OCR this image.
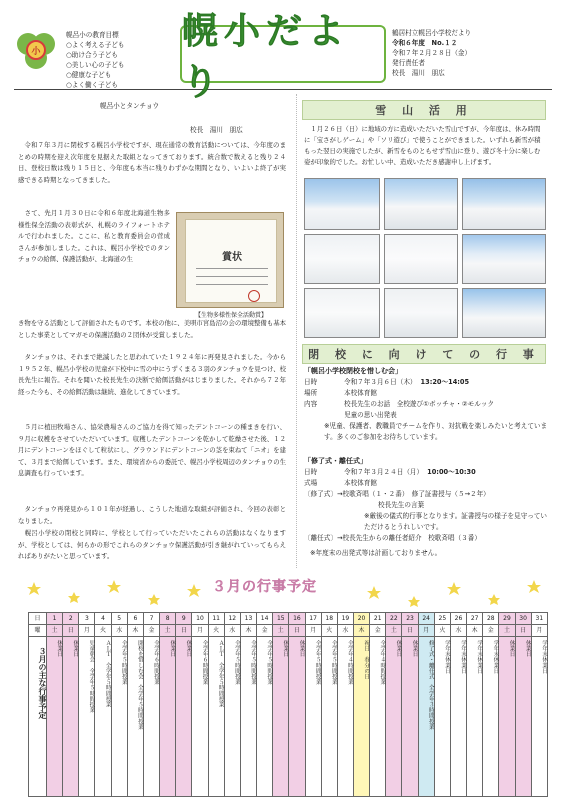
小
幌呂小の教育目標
○よく考える子ども
○助け合う子ども
○美しい心の子ども
○健康な子ども
○よく働く子ども
幌小だより
鶴居村立幌呂小学校だより
令和６年度　No.１２
令和７年２月２８日（金）
発行責任者
校長　湯川　朋広
幌呂小とタンチョウ
校長　湯川　朋広
　令和７年３月に閉校する幌呂小学校ですが、現在通常の教育活動については、今年度のまとめの時期を迎え次年度を見据えた取組となってきております。統合数で数えると残り２４日、登校日数は残り１５日と、今年度も本当に残りわずかな期間となり、いよいよ終了が実感できる時期となってきました。
　さて、先月１月３０日に令和６年度北海道生物多様性保全活動の表彰式が、札幌のライフォートホテルで行われました。ここに、私と教育委員会の菅成さんが参加しました。これは、幌呂小学校でのタンチョウの給餌、保護活動が、北海道の生	賞状
【生物多様性保全活動賞】
き物を守る活動として評価されたものです。本校の他に、美唄市宮島沼の会の環境整備も基本とした事業としてマガモの保護活動の２団体が受賞しました。
　タンチョウは、それまで絶滅したと思われていた１９２４年に再発見されました。今から１９５２年、幌呂小学校の児童が下校中に雪の中にうずくまる３羽のタンチョウを見つけ、校長先生に報告。それを聞いた校長先生の決断で給餌活動がはじまりました。それから７２年経った今も、その給餌活動は継続、進化してきています。
　５月に植田牧場さん、協栄農場さんのご協力を得て知ったデントコーンの種まきを行い、９月に収穫をさせていただいています。収穫したデントコーンを乾かして乾燥させた後、１２月にデントコーンをほぐして粒状にし、グラウンドにデントコーンの茎を束ねて「ニオ」を建て、３月まで給餌しています。また、環境省からの委託で、幌呂小学校周辺のタンチョウの生息調査も行っています。
　タンチョウ再発見から１０１年が経過し、こうした地道な取組が評価され、今回の表彰となりました。
　幌呂小学校の閉校と同時に、学校として行っていただいたこれらの活動はなくなりますが、学校としては、何らかの形でこれらのタンチョウ保護活動が引き継がれていってもらえればありがたいと思っています。
雪 山 活 用
　１月２６日（日）に地域の方に造成いただいた雪山ですが、今年度は、休み時間に「宝さがしゲーム」や「ソリ遊び」で使うことができました。いずれも新雪が積もった翌日の実施でしたが、新雪をものともせず雪山に登り、遊び冬十分に楽しむ姿が印象的でした。お忙しい中、造成いただき感謝申し上げます。
閉 校 に 向 け て の 行 事
「幌呂小学校閉校を惜しむ会」
日時	令和７年３月６日（木） 13:20～14:05
場所	本校体育館
内容	校長先生のお話　全校遊び①ボッチャ・②モルック
児童の思い出発表
※児童、保護者、教職員でチームを作り、対抗戦を楽しみたいと考えています。多くのご参加をお待ちしています。
「修了式・離任式」
日時	令和７年３月２４日（月） 10:00～10:30
式場	本校体育館
〔修了式〕→校歌斉唱（１・２番）　修了証書授与（５→２年）
校長先生の言葉
※厳後の儀式的行事となります。証書授与の様子を見守っていただけるとうれしいです。
〔離任式〕→校長先生からの離任者紹介　校歌斉唱（３番）
※年度末の出発式等は計画しておりません。
３月の行事予定
日	1	2	3	4	5	6	7	8	9	10	11	12	13	14	15	16	17	18	19	20	21	22	23	24	25	26	27	28	29	30	31
曜	土	日	月	火	水	木	金	土	日	月	火	水	木	金	土	日	月	火	水	木	金	土	日	月	火	水	木	金	土	日	月
３月の主な行事予定	休業日	休業日	児童朝会　全学年５時間授業	ＡＬＴ　全学年５時間授業	全学年５時間授業	閉校を惜しむ会　全学年５時間授業	全学年６時間授業	休業日	休業日	全学年６時間授業	ＡＬＴ　全学年５時間授業	全学年５時間授業	全学年５時間授業	全学年５時間授業	休業日	休業日	全学年５時間授業	全学年５時間授業	全学年４時間授業	祝日　春分の日	全学年４時間授業	休業日	休業日	修了式・離任式　全学年３時間授業	学年末休業日	学年末休業日	学年末休業日	学年末休業日	休業日	休業日	学年末休業日
